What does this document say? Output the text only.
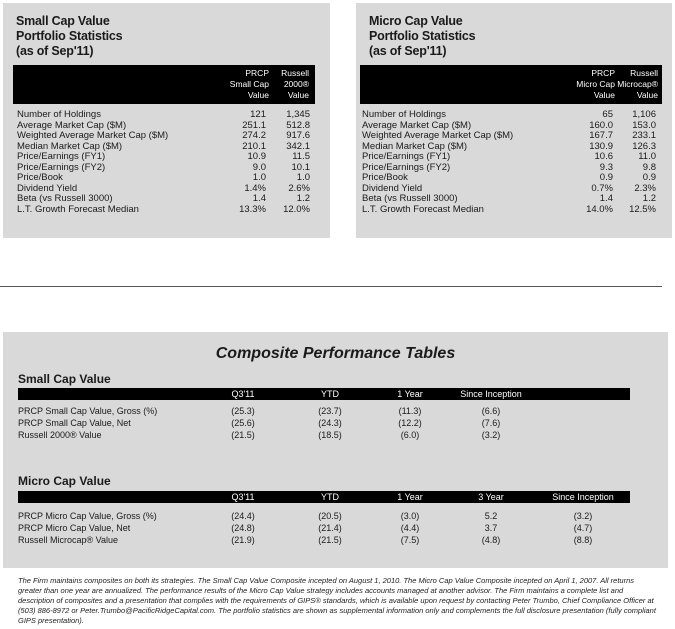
Small Cap Value
Portfolio Statistics
(as of Sep'11)
PRCP
Small Cap
Value
Russell
2000®
Value
Number of Holdings	121 1,345
Average Market Cap ($M)	251.1 512.8
Weighted Average Market Cap ($M)	274.2 917.6
Median Market Cap ($M)	210.1 342.1
Price/Earnings (FY1)	10.9	11.5
Price/Earnings (FY2)	9.0	10.1
Price/Book	1.0	1.0
Dividend Yield	1.4% 2.6%
Beta (vs Russell 3000)	1.4	1.2
L.T. Growth Forecast Median	13.3% 12.0%
Micro Cap Value
Portfolio Statistics
(as of Sep'11)
PRCP
Micro Cap
Value
Russell
Microcap®
Value
Number of Holdings	65 1,106
Average Market Cap ($M)	160.0 153.0
Weighted Average Market Cap ($M)	167.7 233.1
Median Market Cap ($M)	130.9 126.3
Price/Earnings (FY1)	10.6	11.0
Price/Earnings (FY2)	9.3	9.8
Price/Book	0.9	0.9
Dividend Yield	0.7% 2.3%
Beta (vs Russell 3000)	1.4	1.2
L.T. Growth Forecast Median	14.0% 12.5%
Composite Performance Tables
Small Cap Value
Q3'11	YTD	1 Year	Since Inception
PRCP Small Cap Value, Gross (%)	(25.3)	(23.7)	(11.3)	(6.6)
PRCP Small Cap Value, Net	(25.6)	(24.3)	(12.2)	(7.6)
Russell 2000® Value	(21.5)	(18.5)	(6.0)	(3.2)
Micro Cap Value
Q3'11	YTD	1 Year	3 Year	Since Inception
PRCP Micro Cap Value, Gross (%)	(24.4)	(20.5)	(3.0)	5.2	(3.2)
PRCP Micro Cap Value, Net	(24.8)	(21.4)	(4.4)	3.7	(4.7)
Russell Microcap® Value	(21.9)	(21.5)	(7.5)	(4.8)	(8.8)
The Firm maintains composites on both its strategies. The Small Cap Value Composite incepted on August 1, 2010. The Micro Cap Value Composite incepted on April 1, 2007. All returns greater than one year are annualized. The performance results of the Micro Cap Value strategy includes accounts managed at another advisor. The Firm maintains a complete list and description of composites and a presentation that complies with the requirements of GIPS® standards, which is available upon request by contacting Peter Trumbo, Chief Compliance Officer at (503) 886-8972 or Peter.Trumbo@PacificRidgeCapital.com. The portfolio statistics are shown as supplemental information only and complements the full disclosure presentation (fully compliant GIPS presentation).
